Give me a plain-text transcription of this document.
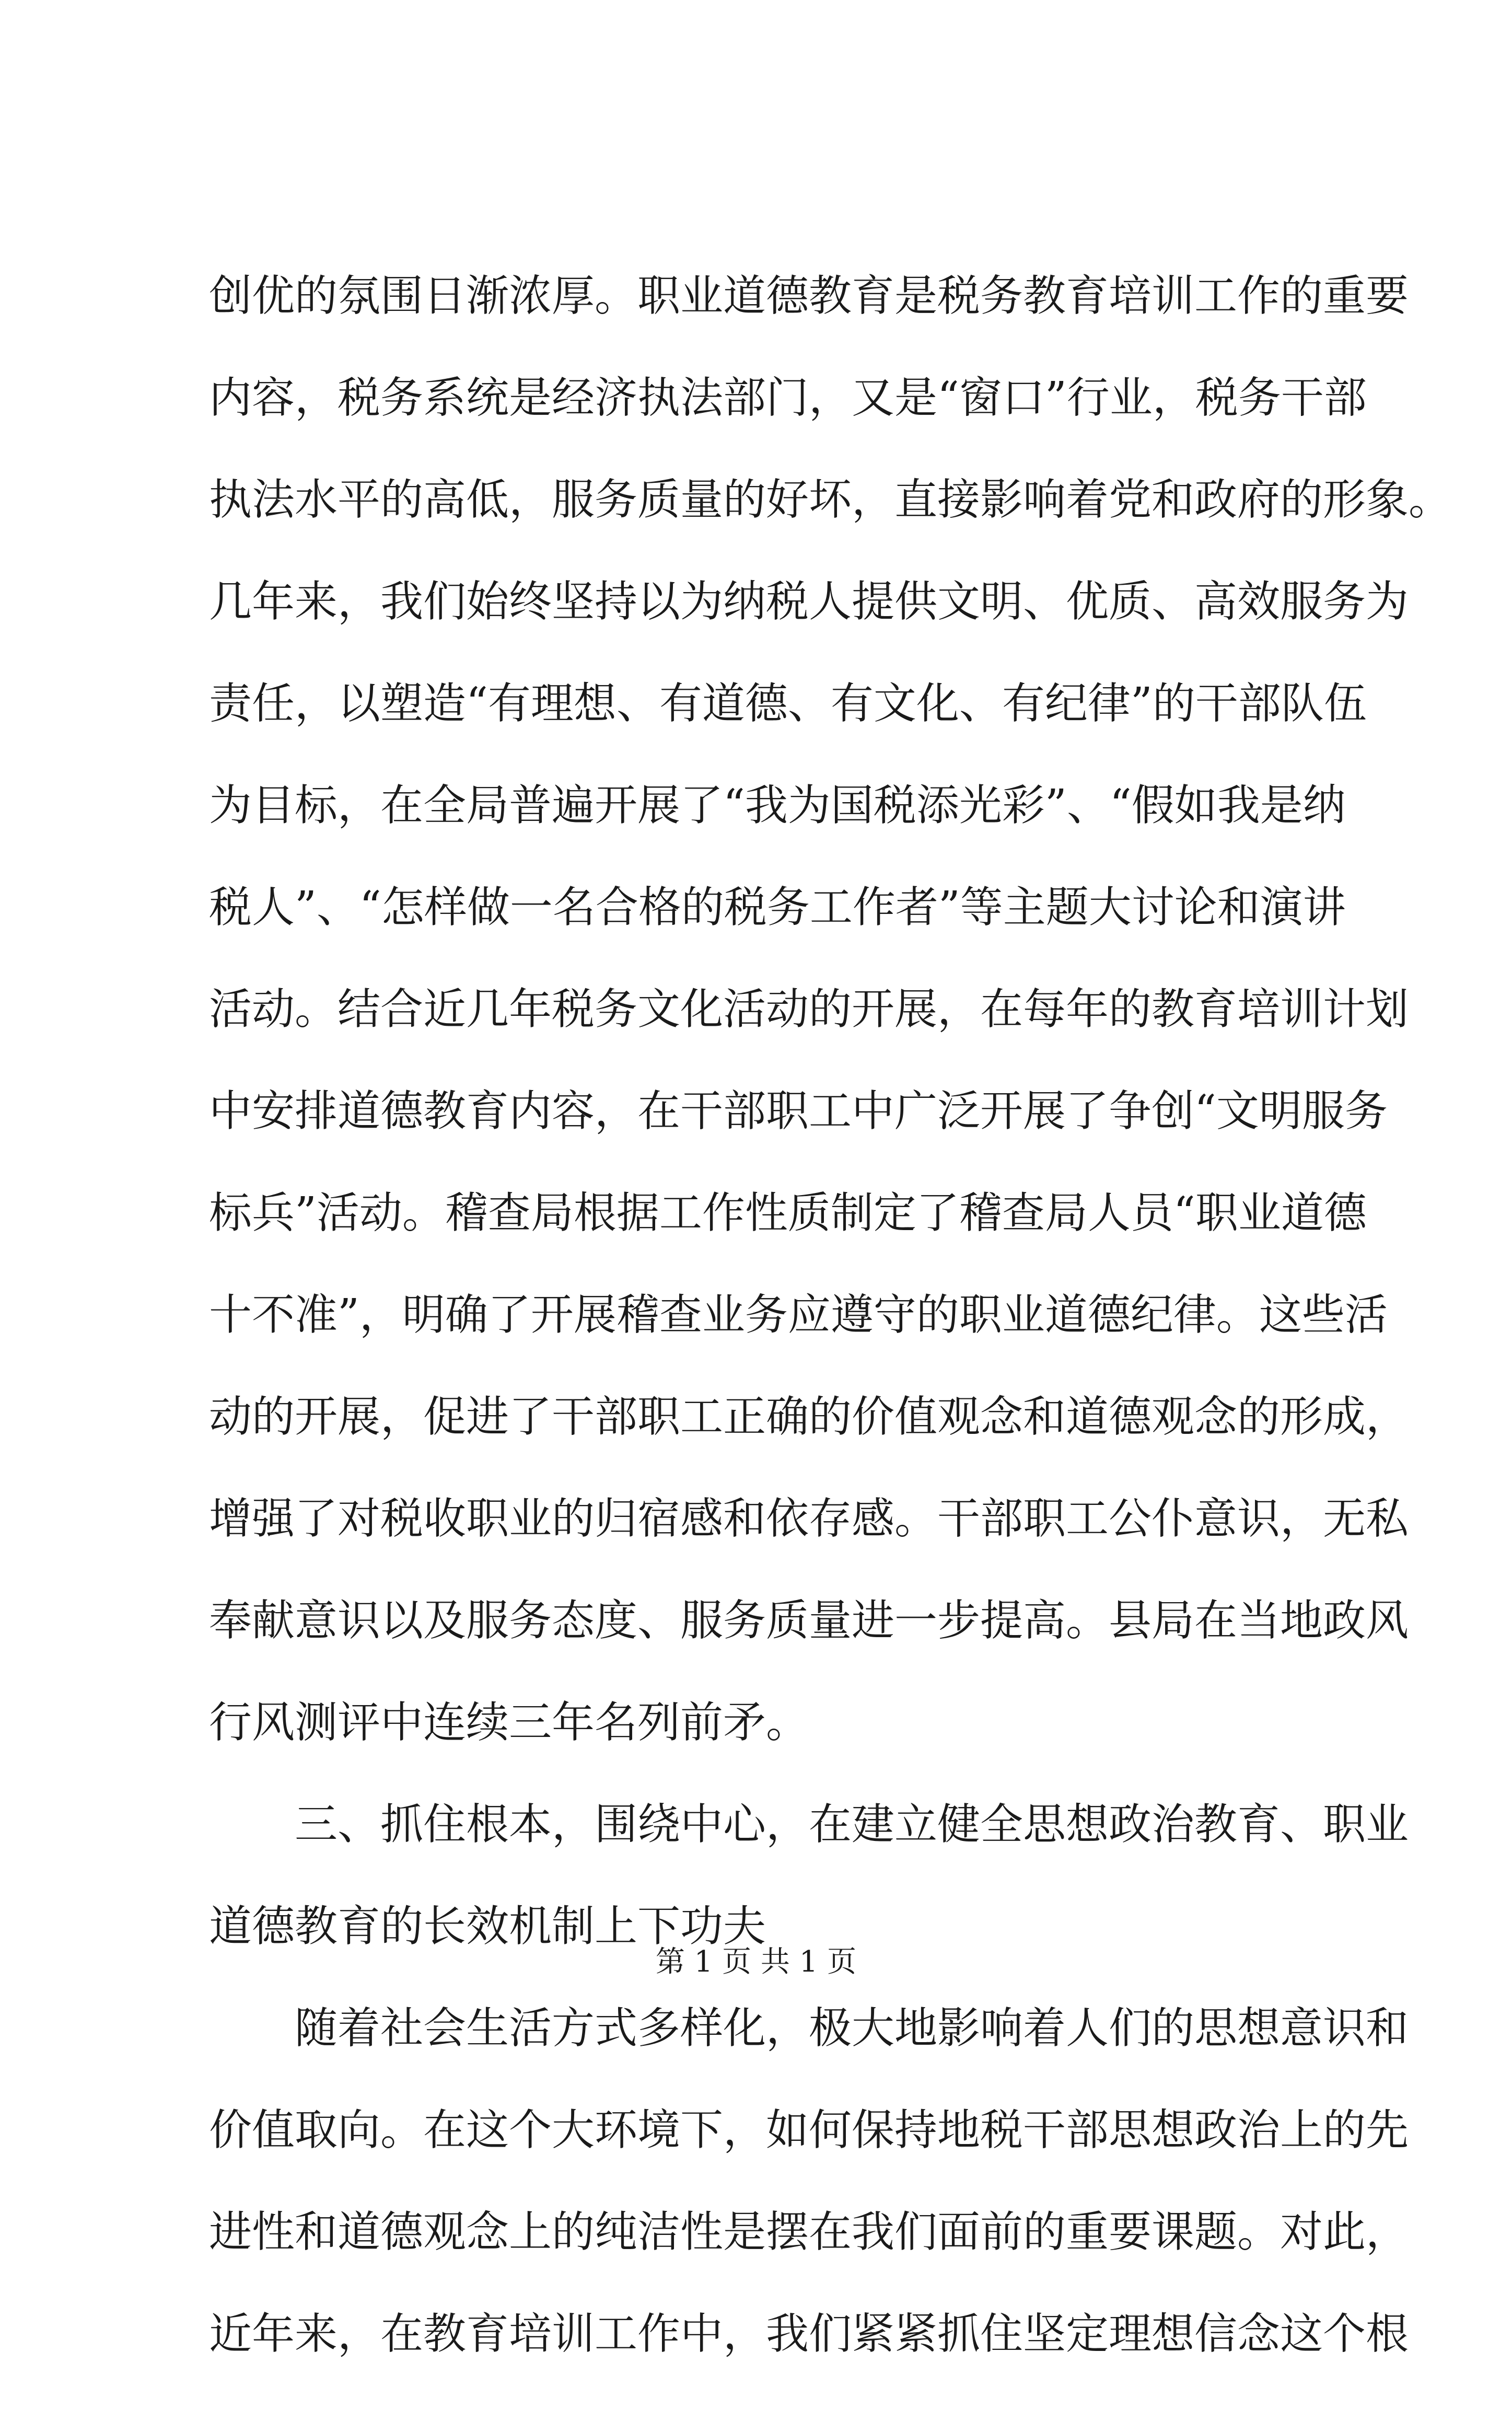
创优的氛围日渐浓厚。职业道德教育是税务教育培训工作的重要
内容，税务系统是经济执法部门，又是“窗口”行业，税务干部
执法水平的高低，服务质量的好坏，直接影响着党和政府的形象。
几年来，我们始终坚持以为纳税人提供文明、优质、高效服务为
责任，以塑造“有理想、有道德、有文化、有纪律”的干部队伍
为目标，在全局普遍开展了“我为国税添光彩”、“假如我是纳
税人”、“怎样做一名合格的税务工作者”等主题大讨论和演讲
活动。结合近几年税务文化活动的开展，在每年的教育培训计划
中安排道德教育内容，在干部职工中广泛开展了争创“文明服务
标兵”活动。稽查局根据工作性质制定了稽查局人员“职业道德
十不准”，明确了开展稽查业务应遵守的职业道德纪律。这些活
动的开展，促进了干部职工正确的价值观念和道德观念的形成，
增强了对税收职业的归宿感和依存感。干部职工公仆意识，无私
奉献意识以及服务态度、服务质量进一步提高。县局在当地政风
行风测评中连续三年名列前矛。
三、抓住根本，围绕中心，在建立健全思想政治教育、职业
道德教育的长效机制上下功夫
随着社会生活方式多样化，极大地影响着人们的思想意识和
价值取向。在这个大环境下，如何保持地税干部思想政治上的先
进性和道德观念上的纯洁性是摆在我们面前的重要课题。对此，
近年来，在教育培训工作中，我们紧紧抓住坚定理想信念这个根
第 1 页 共 1 页
